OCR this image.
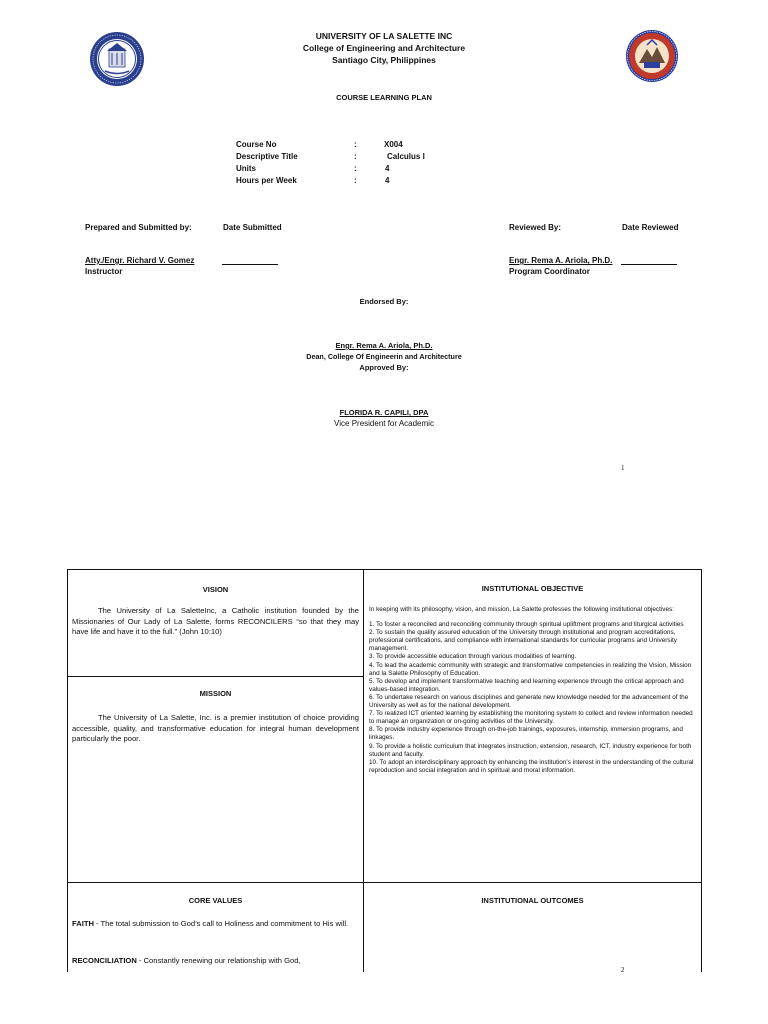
UNIVERSITY OF LA SALETTE INC
College of Engineering and Architecture
Santiago City, Philippines
COURSE LEARNING PLAN
Course No	:	X004
Descriptive Title	:	Calculus I
Units	:	4
Hours per Week	:	4
Prepared and Submitted by:	Date Submitted	Reviewed By:	Date Reviewed
Atty./Engr. Richard V. Gomez
Instructor
Engr. Rema A. Ariola, Ph.D.
Program Coordinator
Endorsed By:
Engr. Rema A. Ariola, Ph.D.
Dean, College Of Engineerin and Architecture
Approved By:
FLORIDA R. CAPILI, DPA
Vice President for Academic
1
VISION
The University of La SaletteInc, a Catholic institution founded by the Missionaries of Our Lady of La Salette, forms RECONCILERS “so that they may have life and have it to the full.” (John 10:10)
MISSION
The University of La Salette, Inc. is a premier institution of choice providing accessible, quality, and transformative education for integral human development particularly the poor.
INSTITUTIONAL OBJECTIVE

In keeping with its philosophy, vision, and mission, La Salette professes the following institutional objectives:

1. To foster a reconciled and reconciling community through spiritual upliftment programs and liturgical activities

2. To sustain the quality assured education of the University through institutional and program accreditations, professional certifications, and compliance with international standards for curricular programs and University management.

3. To provide accessible education through various modalities of learning.

4. To lead the academic community with strategic and transformative competencies in realizing the Vision, Mission and la Salette Philosophy of Education.

5. To develop and implement transformative teaching and learning experience through the critical approach and values-based integration.

6. To undertake research on various disciplines and generate new knowledge needed for the advancement of the University as well as for the national development.

7. To realized ICT oriented learning by establishing the monitoring system to collect and review information needed to manage an organization or on-going activities of the University.

8. To provide industry experience through on-the-job trainings, exposures, internship, immersion programs, and linkages.

9. To provide a holistic curriculum that integrates instruction, extension, research, ICT, industry experience for both student and faculty.

10. To adopt an interdisciplinary approach by enhancing the institution’s interest in the understanding of the cultural reproduction and social integration and in spiritual and moral information.

CORE VALUES
FAITH - The total submission to God’s call to Holiness and commitment to His will.
RECONCILIATION - Constantly renewing our relationship with God,
INSTITUTIONAL OUTCOMES
2
